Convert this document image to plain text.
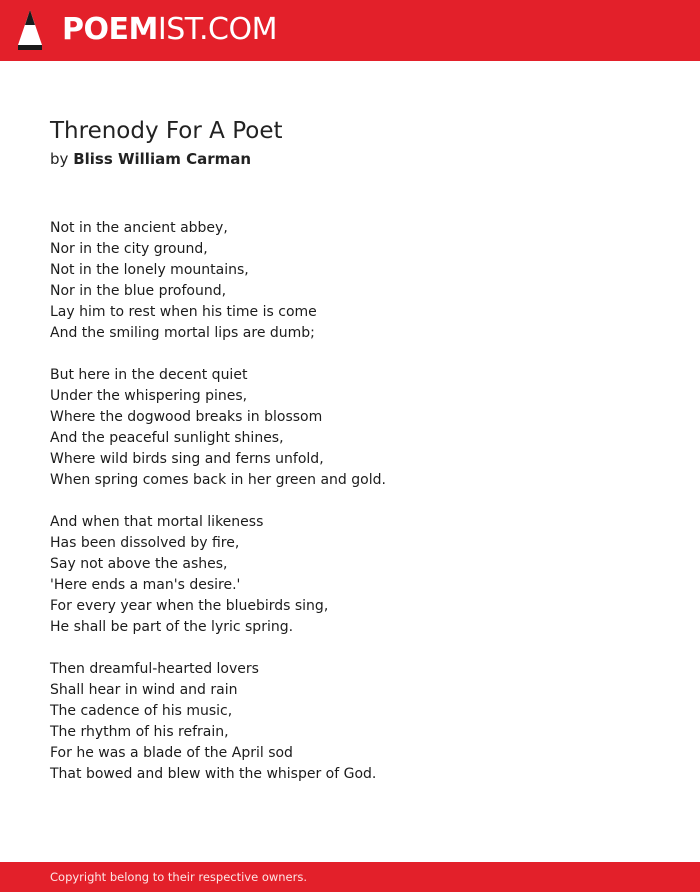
POEMIST.COM
Threnody For A Poet
by Bliss William Carman
Not in the ancient abbey,
Nor in the city ground,
Not in the lonely mountains,
Nor in the blue profound,
Lay him to rest when his time is come
And the smiling mortal lips are dumb;
But here in the decent quiet
Under the whispering pines,
Where the dogwood breaks in blossom
And the peaceful sunlight shines,
Where wild birds sing and ferns unfold,
When spring comes back in her green and gold.
And when that mortal likeness
Has been dissolved by fire,
Say not above the ashes,
'Here ends a man's desire.'
For every year when the bluebirds sing,
He shall be part of the lyric spring.
Then dreamful-hearted lovers
Shall hear in wind and rain
The cadence of his music,
The rhythm of his refrain,
For he was a blade of the April sod
That bowed and blew with the whisper of God.
Copyright belong to their respective owners.
